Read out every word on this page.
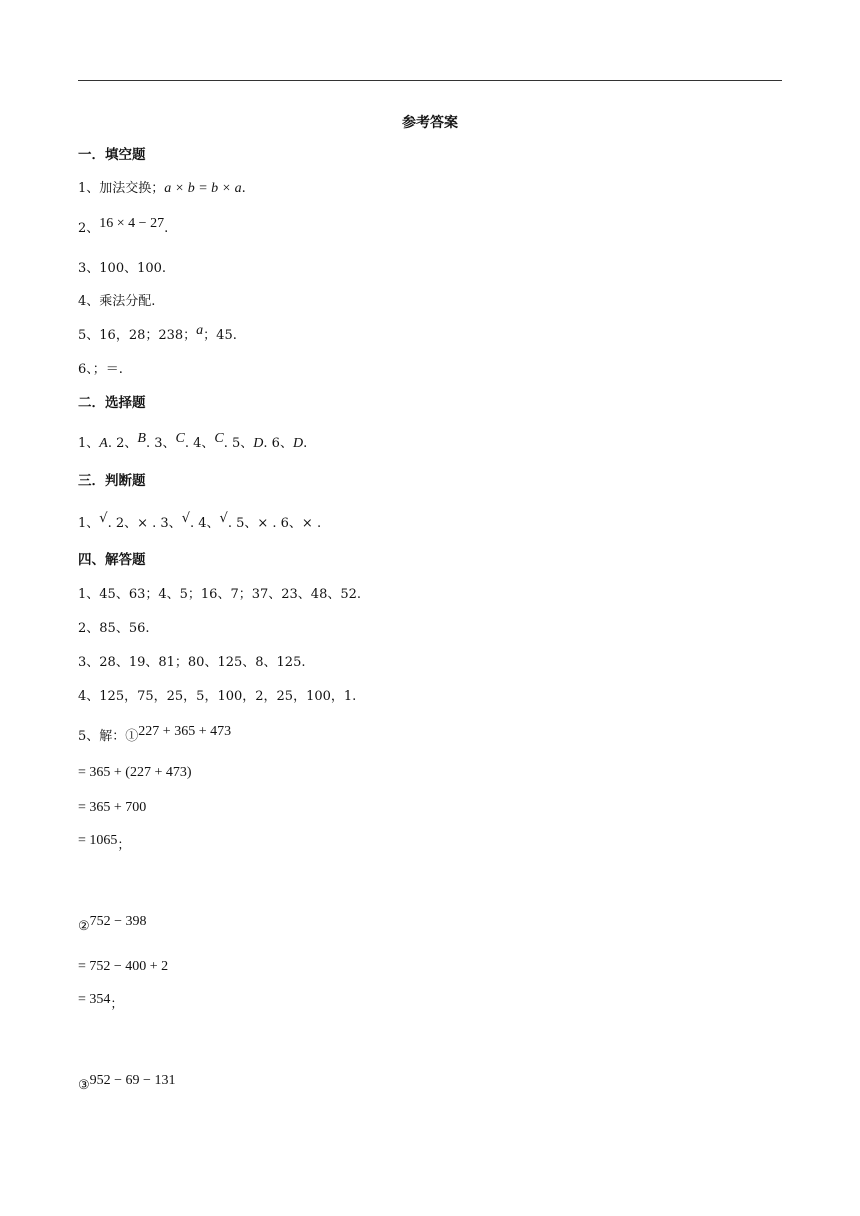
参考答案
一．填空题
1、加法交换；a × b = b × a.
2、16 × 4 − 27.
3、100、100.
4、乘法分配.
5、16，28；238；a；45.
6、；＝.
二．选择题
1、A. 2、B. 3、C. 4、C. 5、D. 6、D.
三．判断题
1、√. 2、× . 3、√. 4、√. 5、× . 6、× .
四、解答题
1、45、63；4、5；16、7；37、23、48、52.
2、85、56.
3、28、19、81；80、125、8、125.
4、125，75，25，5，100，2，25，100，1.
5、解：①227 + 365 + 473
= 365 + (227 + 473)
= 365 + 700
= 1065；
②752 − 398
= 752 − 400 + 2
= 354；
③952 − 69 − 131
